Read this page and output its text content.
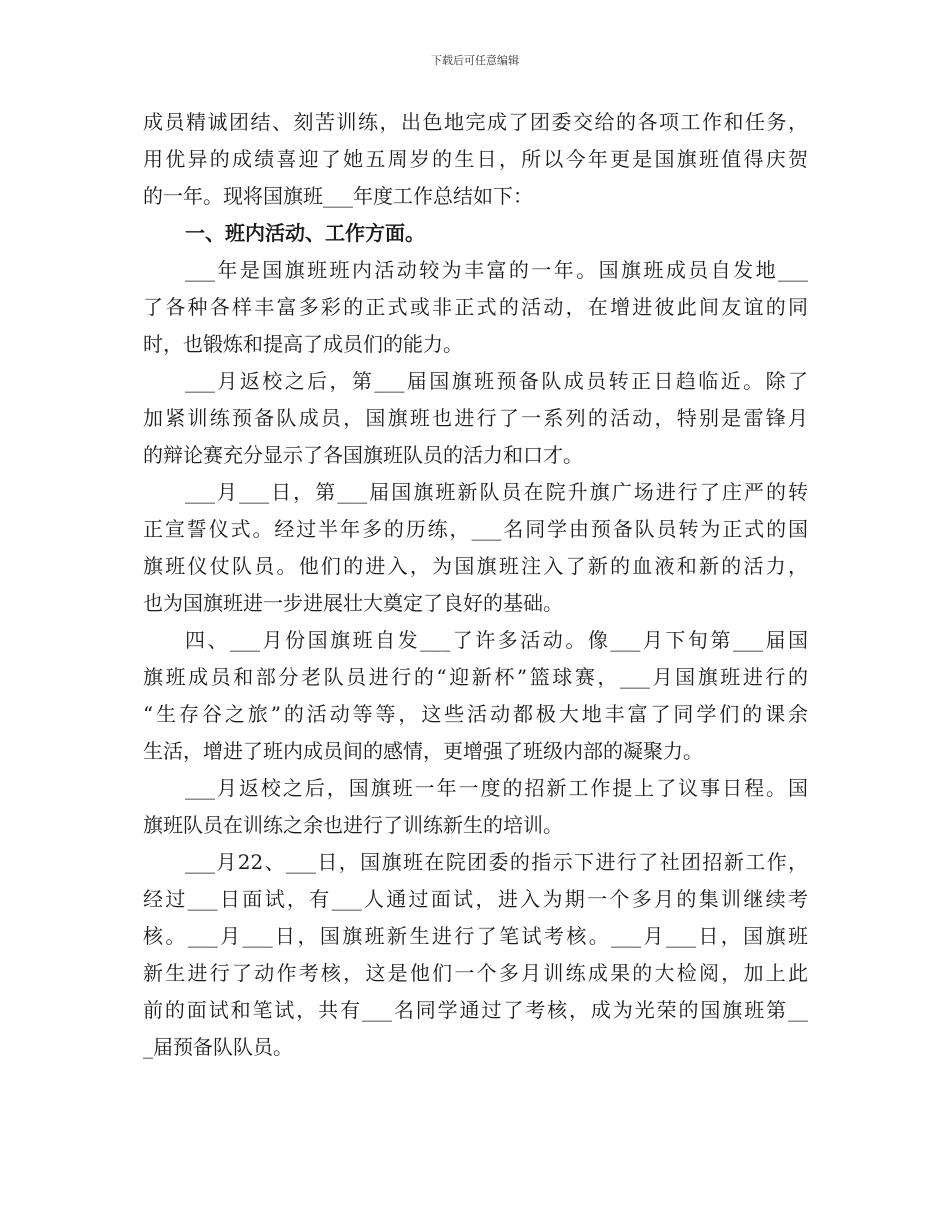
下载后可任意编辑
成员精诚团结、刻苦训练，出色地完成了团委交给的各项工作和任务，
用优异的成绩喜迎了她五周岁的生日，所以今年更是国旗班值得庆贺
的一年。现将国旗班___年度工作总结如下：
一、班内活动、工作方面。
___年是国旗班班内活动较为丰富的一年。国旗班成员自发地___
了各种各样丰富多彩的正式或非正式的活动，在增进彼此间友谊的同
时，也锻炼和提高了成员们的能力。
___月返校之后，第___届国旗班预备队成员转正日趋临近。除了
加紧训练预备队成员，国旗班也进行了一系列的活动，特别是雷锋月
的辩论赛充分显示了各国旗班队员的活力和口才。
___月___日，第___届国旗班新队员在院升旗广场进行了庄严的转
正宣誓仪式。经过半年多的历练，___名同学由预备队员转为正式的国
旗班仪仗队员。他们的进入，为国旗班注入了新的血液和新的活力，
也为国旗班进一步进展壮大奠定了良好的基础。
四、___月份国旗班自发___了许多活动。像___月下旬第___届国
旗班成员和部分老队员进行的“迎新杯”篮球赛，___月国旗班进行的
“生存谷之旅”的活动等等，这些活动都极大地丰富了同学们的课余
生活，增进了班内成员间的感情，更增强了班级内部的凝聚力。
___月返校之后，国旗班一年一度的招新工作提上了议事日程。国
旗班队员在训练之余也进行了训练新生的培训。
___月22、___日，国旗班在院团委的指示下进行了社团招新工作，
经过___日面试，有___人通过面试，进入为期一个多月的集训继续考
核。___月___日，国旗班新生进行了笔试考核。___月___日，国旗班
新生进行了动作考核，这是他们一个多月训练成果的大检阅，加上此
前的面试和笔试，共有___名同学通过了考核，成为光荣的国旗班第__
_届预备队队员。
